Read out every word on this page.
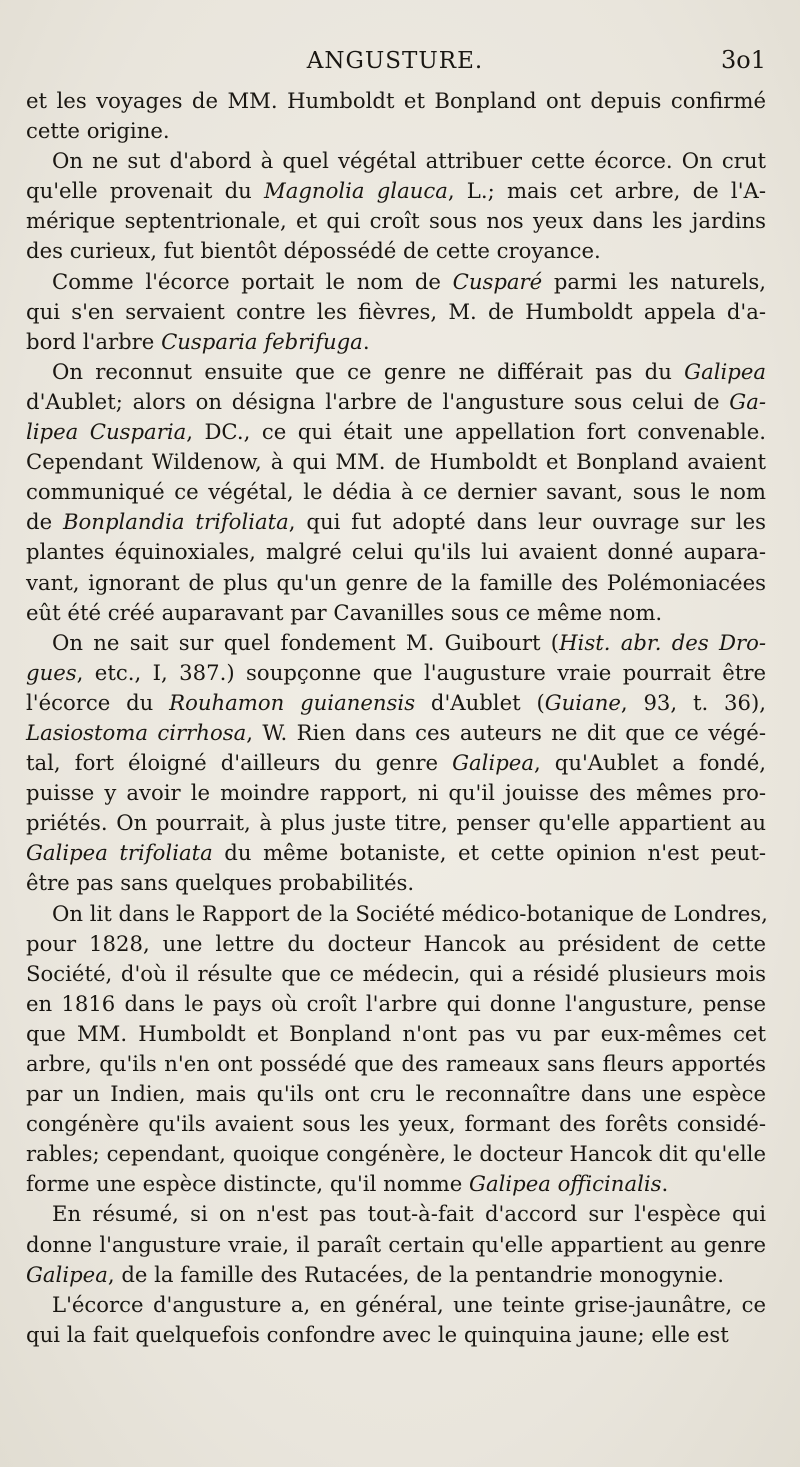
ANGUSTURE.	3o1
et les voyages de MM. Humboldt et Bonpland ont depuis confirmé
cette origine.
On ne sut d'abord à quel végétal attribuer cette écorce. On crut
qu'elle provenait du Magnolia glauca, L.; mais cet arbre, de l'A-
mérique septentrionale, et qui croît sous nos yeux dans les jardins
des curieux, fut bientôt dépossédé de cette croyance.
Comme l'écorce portait le nom de Cusparé parmi les naturels,
qui s'en servaient contre les fièvres, M. de Humboldt appela d'a-
bord l'arbre Cusparia febrifuga.
On reconnut ensuite que ce genre ne différait pas du Galipea
d'Aublet; alors on désigna l'arbre de l'angusture sous celui de Ga-
lipea Cusparia, DC., ce qui était une appellation fort convenable.
Cependant Wildenow, à qui MM. de Humboldt et Bonpland avaient
communiqué ce végétal, le dédia à ce dernier savant, sous le nom
de Bonplandia trifoliata, qui fut adopté dans leur ouvrage sur les
plantes équinoxiales, malgré celui qu'ils lui avaient donné aupara-
vant, ignorant de plus qu'un genre de la famille des Polémoniacées
eût été créé auparavant par Cavanilles sous ce même nom.
On ne sait sur quel fondement M. Guibourt (Hist. abr. des Dro-
gues, etc., I, 387.) soupçonne que l'augusture vraie pourrait être
l'écorce du Rouhamon guianensis d'Aublet (Guiane, 93, t. 36),
Lasiostoma cirrhosa, W. Rien dans ces auteurs ne dit que ce végé-
tal, fort éloigné d'ailleurs du genre Galipea, qu'Aublet a fondé,
puisse y avoir le moindre rapport, ni qu'il jouisse des mêmes pro-
priétés. On pourrait, à plus juste titre, penser qu'elle appartient au
Galipea trifoliata du même botaniste, et cette opinion n'est peut-
être pas sans quelques probabilités.
On lit dans le Rapport de la Société médico-botanique de Londres,
pour 1828, une lettre du docteur Hancok au président de cette
Société, d'où il résulte que ce médecin, qui a résidé plusieurs mois
en 1816 dans le pays où croît l'arbre qui donne l'angusture, pense
que MM. Humboldt et Bonpland n'ont pas vu par eux-mêmes cet
arbre, qu'ils n'en ont possédé que des rameaux sans fleurs apportés
par un Indien, mais qu'ils ont cru le reconnaître dans une espèce
congénère qu'ils avaient sous les yeux, formant des forêts considé-
rables; cependant, quoique congénère, le docteur Hancok dit qu'elle
forme une espèce distincte, qu'il nomme Galipea officinalis.
En résumé, si on n'est pas tout-à-fait d'accord sur l'espèce qui
donne l'angusture vraie, il paraît certain qu'elle appartient au genre
Galipea, de la famille des Rutacées, de la pentandrie monogynie.
L'écorce d'angusture a, en général, une teinte grise-jaunâtre, ce
qui la fait quelquefois confondre avec le quinquina jaune; elle est
